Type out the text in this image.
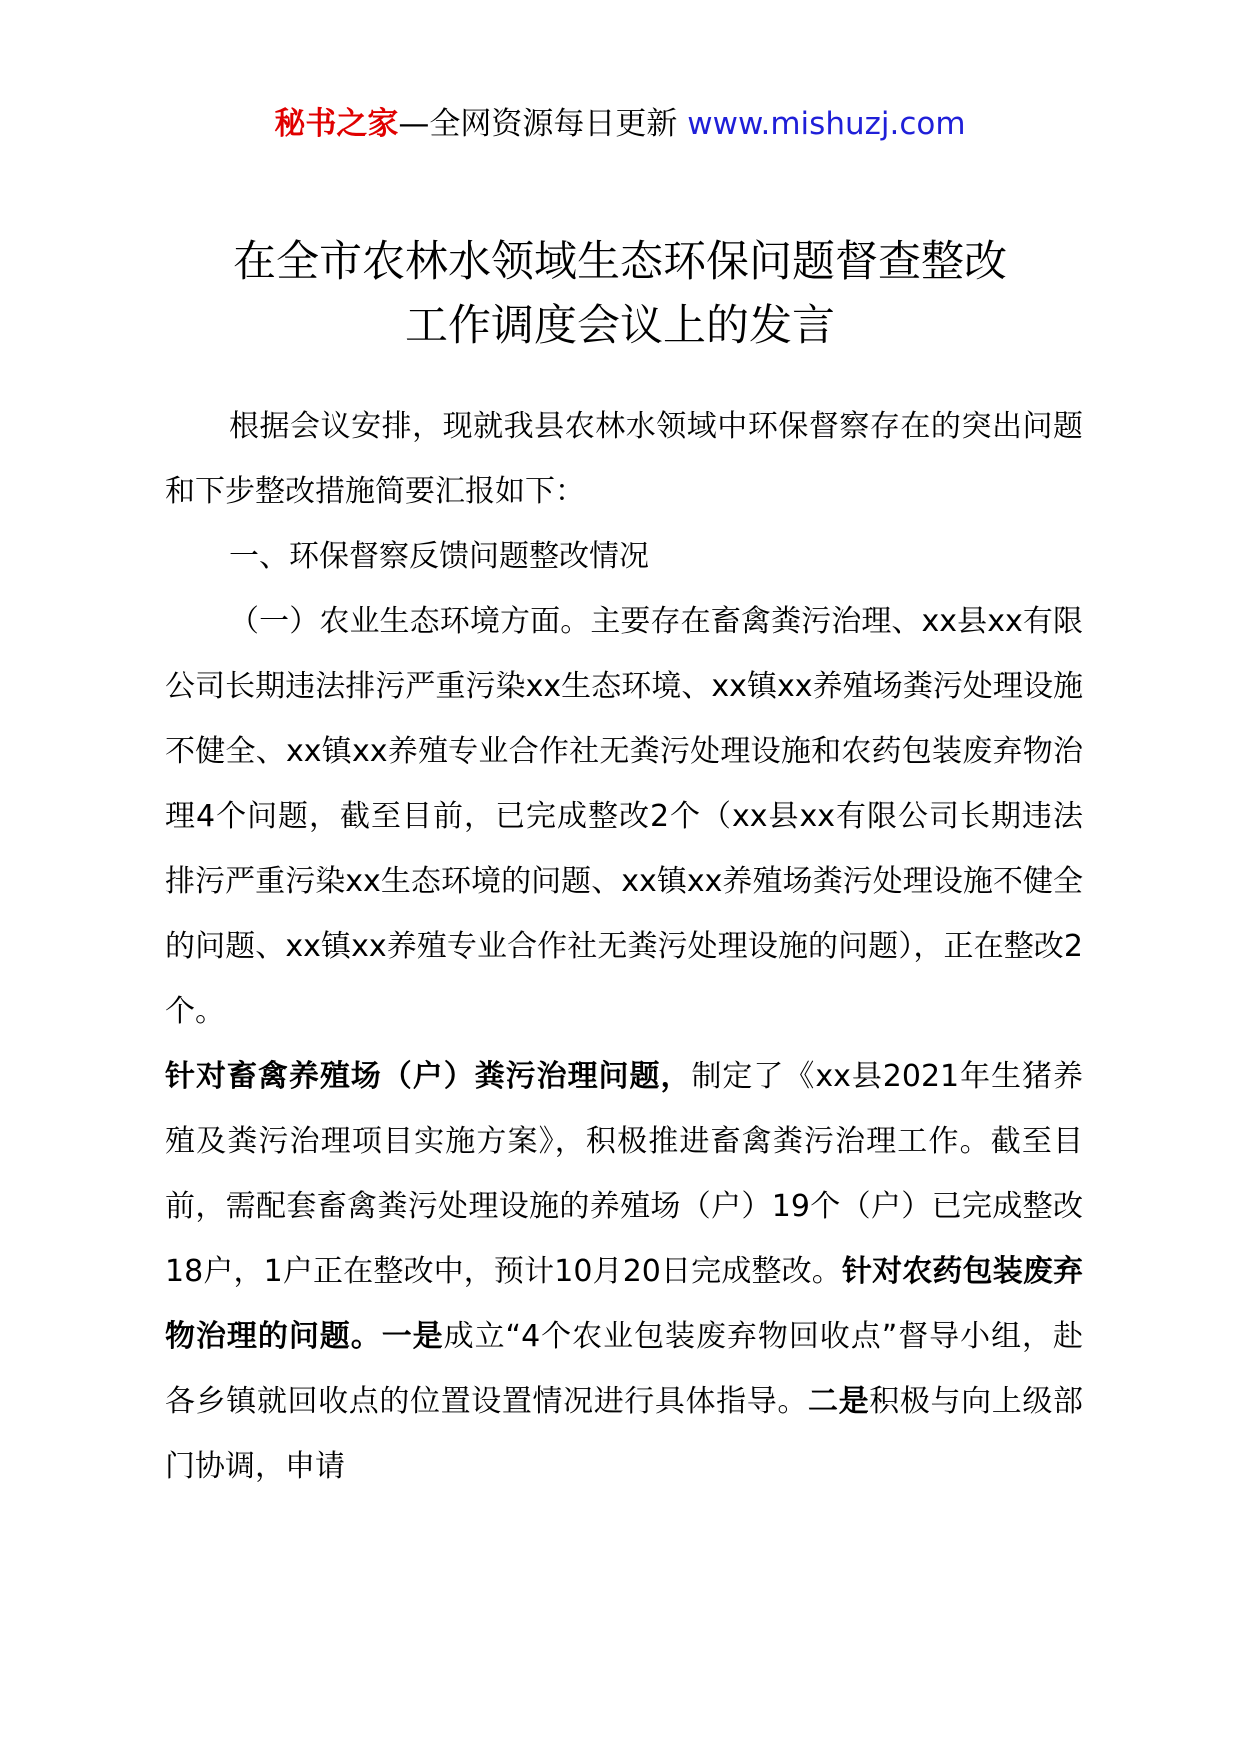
秘书之家—全网资源每日更新 www.mishuzj.com
在全市农林水领域生态环保问题督查整改
工作调度会议上的发言

根据会议安排，现就我县农林水领域中环保督察存在的突出问题和下步整改措施简要汇报如下：

一、环保督察反馈问题整改情况

（一）农业生态环境方面。主要存在畜禽粪污治理、xx县xx有限公司长期违法排污严重污染xx生态环境、xx镇xx养殖场粪污处理设施不健全、xx镇xx养殖专业合作社无粪污处理设施和农药包装废弃物治理4个问题，截至目前，已完成整改2个（xx县xx有限公司长期违法排污严重污染xx生态环境的问题、xx镇xx养殖场粪污处理设施不健全的问题、xx镇xx养殖专业合作社无粪污处理设施的问题），正在整改2个。

针对畜禽养殖场（户）粪污治理问题，制定了《xx县2021年生猪养殖及粪污治理项目实施方案》，积极推进畜禽粪污治理工作。截至目前，需配套畜禽粪污处理设施的养殖场（户）19个（户）已完成整改18户，1户正在整改中，预计10月20日完成整改。针对农药包装废弃物治理的问题。一是成立“4个农业包装废弃物回收点”督导小组，赴各乡镇就回收点的位置设置情况进行具体指导。二是积极与向上级部门协调，申请
